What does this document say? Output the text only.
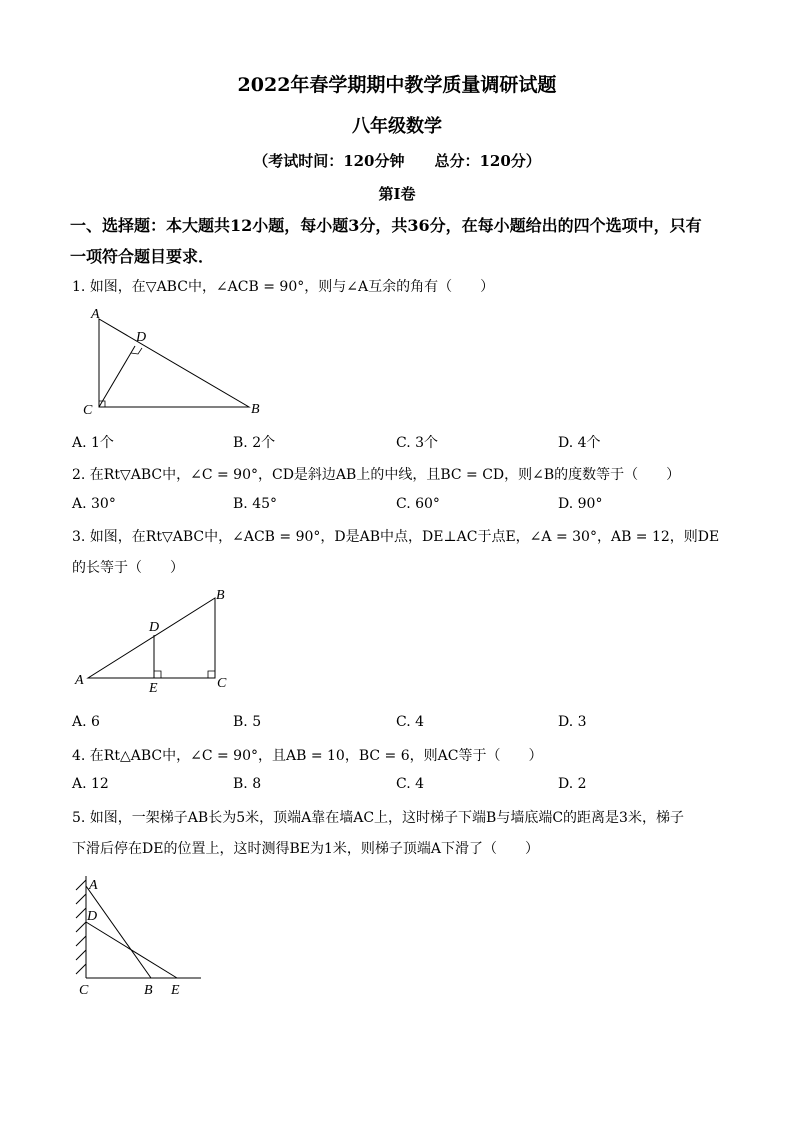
2022年春学期期中教学质量调研试题
八年级数学
（考试时间：120分钟　　总分：120分）
第Ⅰ卷
一、选择题：本大题共12小题，每小题3分，共36分，在每小题给出的四个选项中，只有
一项符合题目要求．
1. 如图，在▽ABC中，∠ACB = 90°，则与∠A互余的角有（　　）
A
D
C	B
A. 1个	B. 2个	C. 3个	D. 4个
2. 在Rt▽ABC中，∠C = 90°，CD是斜边AB上的中线，且BC = CD，则∠B的度数等于（　　）
A. 30°	B. 45°	C. 60°	D. 90°
3. 如图，在Rt▽ABC中，∠ACB = 90°，D是AB中点，DE⊥AC于点E，∠A = 30°，AB = 12，则DE
的长等于（　　）
B
D
A
E	C
A. 6	B. 5	C. 4	D. 3
4. 在Rt△ABC中，∠C = 90°，且AB = 10，BC = 6，则AC等于（　　）
A. 12	B. 8	C. 4	D. 2
5. 如图，一架梯子AB长为5米，顶端A靠在墙AC上，这时梯子下端B与墙底端C的距离是3米，梯子
下滑后停在DE的位置上，这时测得BE为1米，则梯子顶端A下滑了（　　）
A
D
C	B E
